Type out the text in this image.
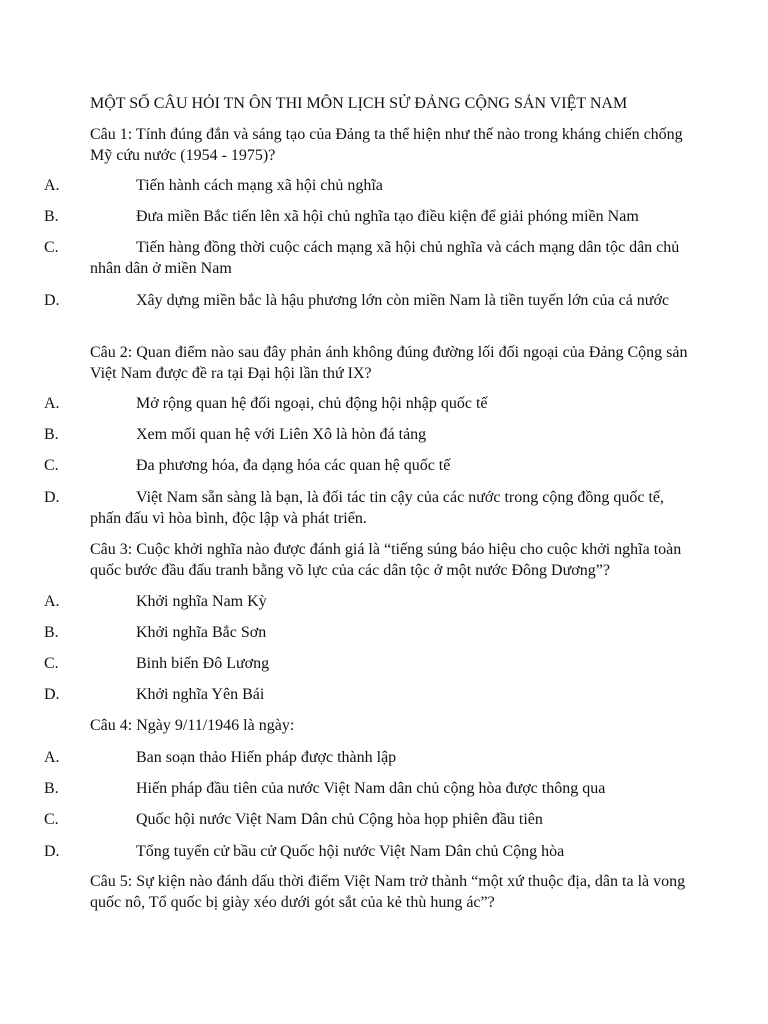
MỘT SỐ CÂU HỎI TN ÔN THI MÔN LỊCH SỬ ĐẢNG CỘNG SẢN VIỆT NAM
Câu 1: Tính đúng đắn và sáng tạo của Đảng ta thể hiện như thế nào trong kháng chiến chống Mỹ cứu nước (1954 - 1975)?
A.	Tiến hành cách mạng xã hội chủ nghĩa
B.	Đưa miền Bắc tiến lên xã hội chủ nghĩa tạo điều kiện để giải phóng miền Nam
C.	Tiến hàng đồng thời cuộc cách mạng xã hội chủ nghĩa và cách mạng dân tộc dân chủ nhân dân ở miền Nam
D.	Xây dựng miền bắc là hậu phương lớn còn miền Nam là tiền tuyến lớn của cả nước
Câu 2: Quan điểm nào sau đây phản ánh không đúng đường lối đối ngoại của Đảng Cộng sản Việt Nam được đề ra tại Đại hội lần thứ IX?
A.	Mở rộng quan hệ đối ngoại, chủ động hội nhập quốc tế
B.	Xem mối quan hệ với Liên Xô là hòn đá tảng
C.	Đa phương hóa, đa dạng hóa các quan hệ quốc tế
D.	Việt Nam sẵn sàng là bạn, là đối tác tin cậy của các nước trong cộng đồng quốc tế, phấn đấu vì hòa bình, độc lập và phát triển.
Câu 3: Cuộc khởi nghĩa nào được đánh giá là “tiếng súng báo hiệu cho cuộc khởi nghĩa toàn quốc bước đầu đấu tranh bằng võ lực của các dân tộc ở một nước Đông Dương”?
A.	Khởi nghĩa Nam Kỳ
B.	Khởi nghĩa Bắc Sơn
C.	Binh biến Đô Lương
D.	Khởi nghĩa Yên Bái
Câu 4: Ngày 9/11/1946 là ngày:
A.	Ban soạn thảo Hiến pháp được thành lập
B.	Hiến pháp đầu tiên của nước Việt Nam dân chủ cộng hòa được thông qua
C.	Quốc hội nước Việt Nam Dân chủ Cộng hòa họp phiên đầu tiên
D.	Tổng tuyển cử bầu cử Quốc hội nước Việt Nam Dân chủ Cộng hòa
Câu 5: Sự kiện nào đánh dấu thời điểm Việt Nam trở thành “một xứ thuộc địa, dân ta là vong quốc nô, Tổ quốc bị giày xéo dưới gót sắt của kẻ thù hung ác”?
